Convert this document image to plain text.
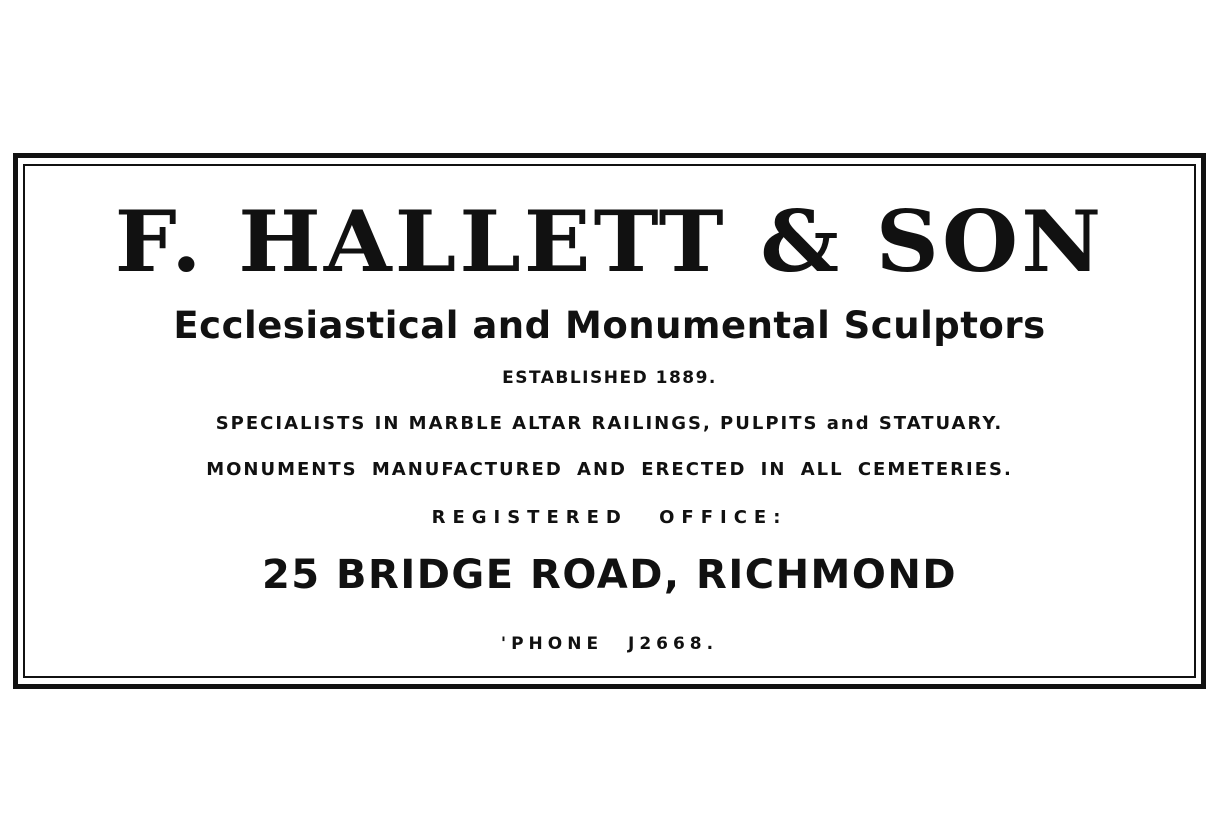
F. HALLETT & SON
Ecclesiastical and Monumental Sculptors
ESTABLISHED 1889.
SPECIALISTS IN MARBLE ALTAR RAILINGS, PULPITS and STATUARY.
MONUMENTS MANUFACTURED AND ERECTED IN ALL CEMETERIES.
REGISTERED OFFICE:
25 BRIDGE ROAD, RICHMOND
'PHONE J2668.
